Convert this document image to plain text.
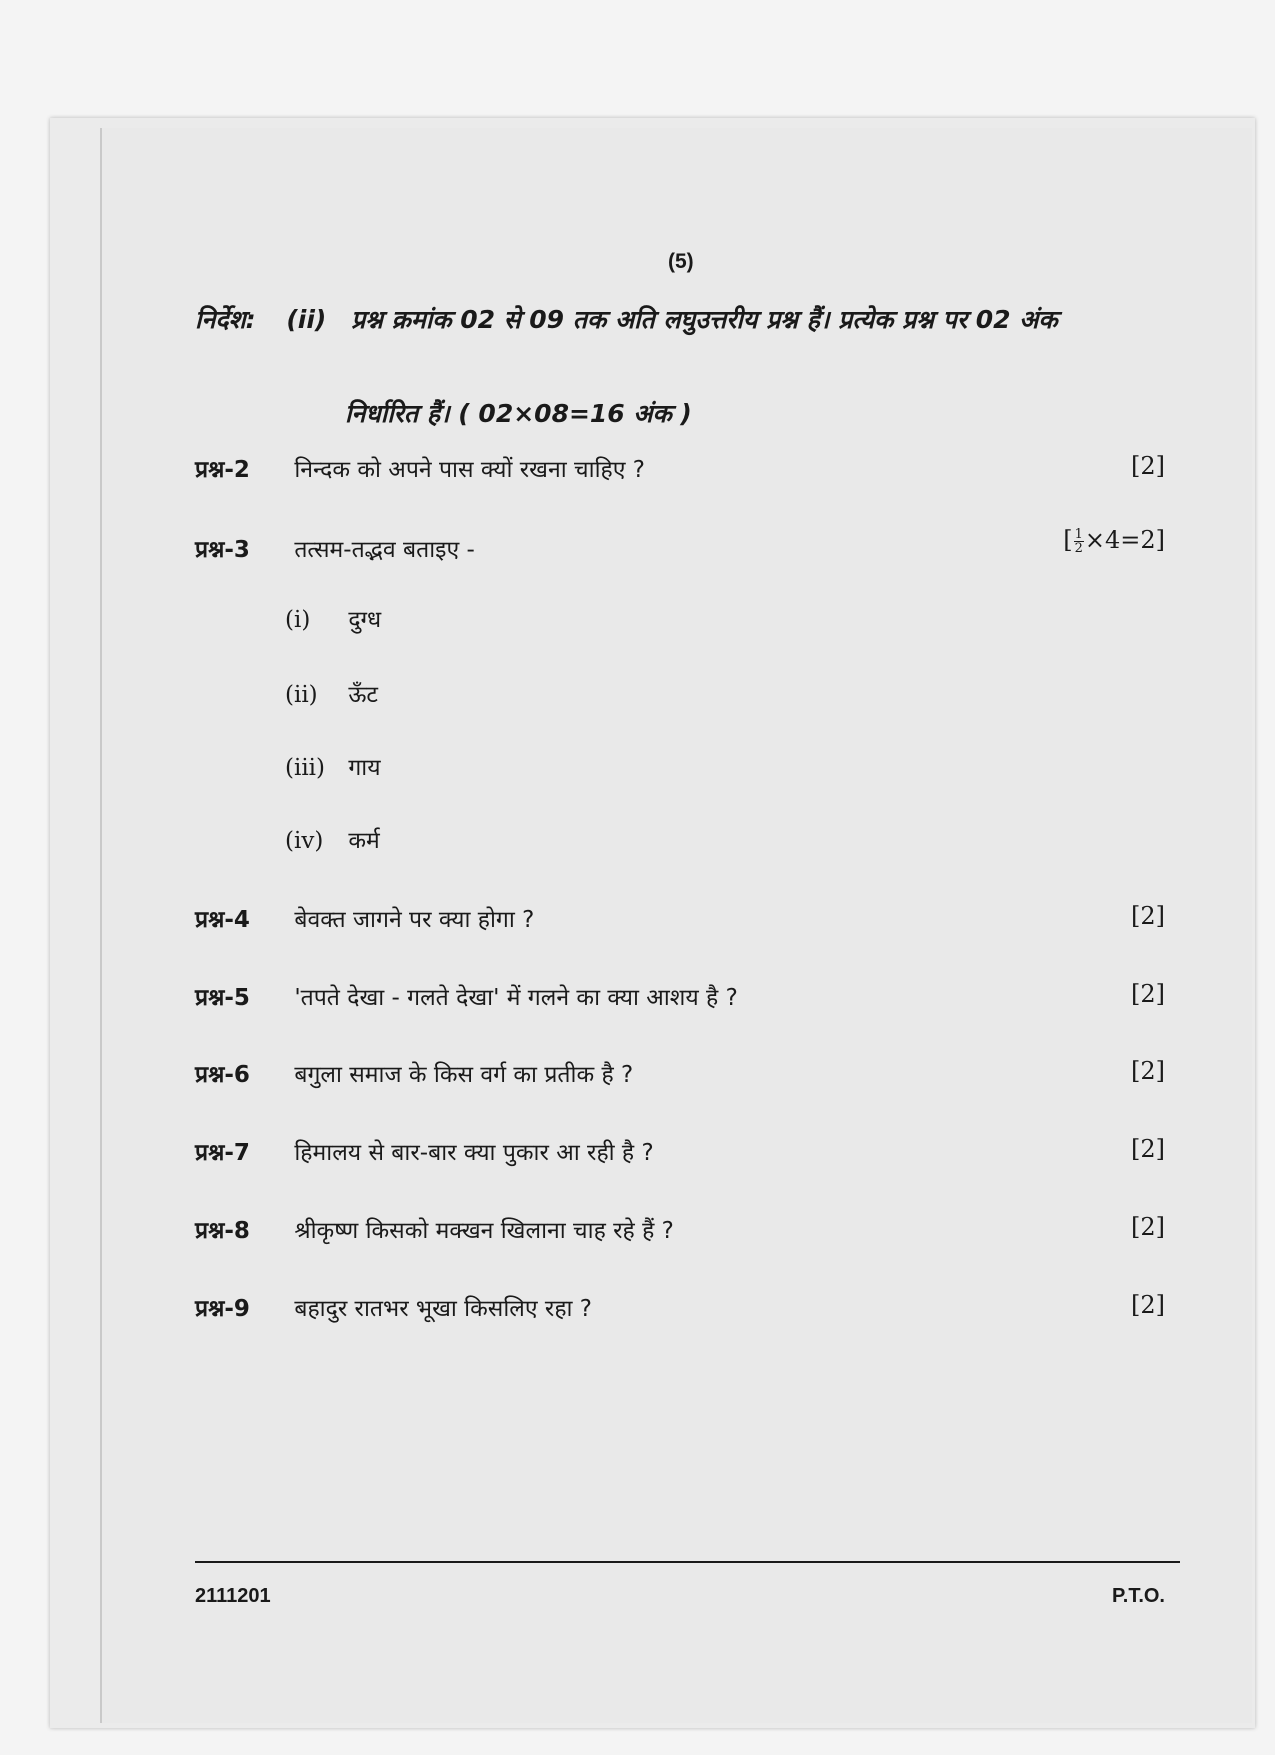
(5)
निर्देश: (ii) प्रश्न क्रमांक 02 से 09 तक अति लघुउत्तरीय प्रश्न हैं। प्रत्येक प्रश्न पर 02 अंक
निर्धारित हैं। ( 02×08=16 अंक )
प्रश्न-2 निन्दक को अपने पास क्यों रखना चाहिए ?	[2]
प्रश्न-3 तत्सम-तद्भव बताइए -	[ $\frac{1}{2} \times 4=2$]
(i) दुग्ध
(ii) ऊँट
(iii) गाय
(iv) कर्म
प्रश्न-4 बेवक्त जागने पर क्या होगा ?	[2]
प्रश्न-5 'तपते देखा - गलते देखा' में गलने का क्या आशय है ?	[2]
प्रश्न-6 बगुला समाज के किस वर्ग का प्रतीक है ?	[2]
प्रश्न-7 हिमालय से बार-बार क्या पुकार आ रही है ?	[2]
प्रश्न-8 श्रीकृष्ण किसको मक्खन खिलाना चाह रहे हैं ?	[2]
प्रश्न-9 बहादुर रातभर भूखा किसलिए रहा ?	[2]
2111201	P.T.O.
